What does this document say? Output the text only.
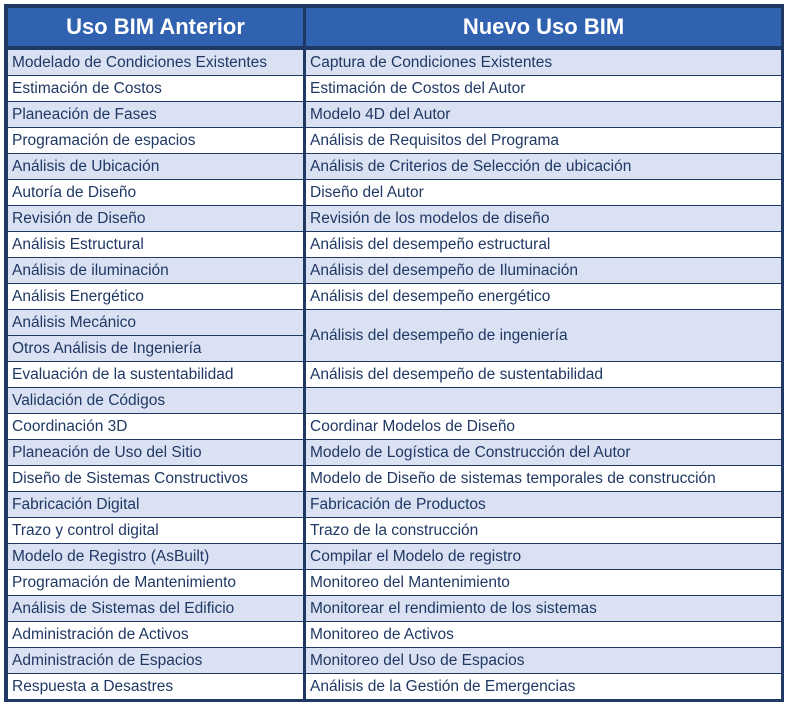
Uso BIM Anterior	Nuevo Uso BIM

Modelado de Condiciones Existentes	Captura de Condiciones Existentes
Estimación de Costos	Estimación de Costos del Autor
Planeación de Fases	Modelo 4D del Autor
Programación de espacios	Análisis de Requisitos del Programa
Análisis de Ubicación	Análisis de Criterios de Selección de ubicación
Autoría de Diseño	Diseño del Autor
Revisión de Diseño	Revisión de los modelos de diseño
Análisis Estructural	Análisis del desempeño estructural
Análisis de iluminación	Análisis del desempeño de Iluminación
Análisis Energético	Análisis del desempeño energético
Análisis Mecánico	Análisis del desempeño de ingeniería
Otros Análisis de Ingeniería	
Evaluación de la sustentabilidad	Análisis del desempeño de sustentabilidad
Validación de Códigos	
Coordinación 3D	Coordinar Modelos de Diseño
Planeación de Uso del Sitio	Modelo de Logística de Construcción del Autor
Diseño de Sistemas Constructivos	Modelo de Diseño de sistemas temporales de construcción
Fabricación Digital	Fabricación de Productos
Trazo y control digital	Trazo de la construcción
Modelo de Registro (AsBuilt)	Compilar el Modelo de registro
Programación de Mantenimiento	Monitoreo del Mantenimiento
Análisis de Sistemas del Edificio	Monitorear el rendimiento de los sistemas
Administración de Activos	Monitoreo de Activos
Administración de Espacios	Monitoreo del Uso de Espacios
Respuesta a Desastres	Análisis de la Gestión de Emergencias
